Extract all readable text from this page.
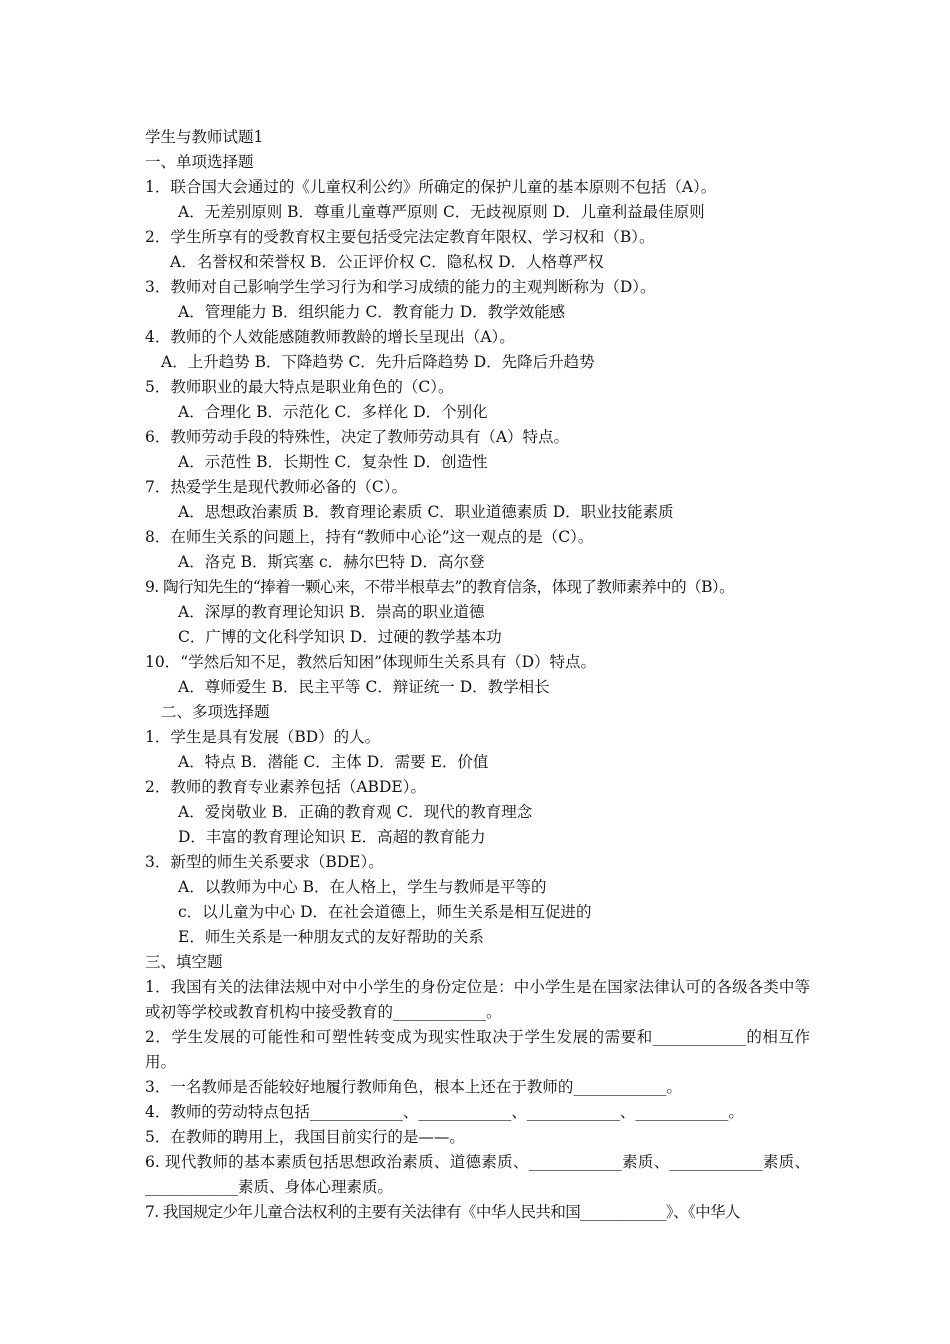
学生与教师试题1
一、单项选择题
1．联合国大会通过的《儿童权利公约》所确定的保护儿童的基本原则不包括（A）。
A．无差别原则 B．尊重儿童尊严原则 C．无歧视原则 D．儿童利益最佳原则
2．学生所享有的受教育权主要包括受完法定教育年限权、学习权和（B）。
A．名誉权和荣誉权 B．公正评价权 C．隐私权 D．人格尊严权
3．教师对自己影响学生学习行为和学习成绩的能力的主观判断称为（D）。
A．管理能力 B．组织能力 C．教育能力 D．教学效能感
4．教师的个人效能感随教师教龄的增长呈现出（A）。
A．上升趋势 B．下降趋势 C．先升后降趋势 D．先降后升趋势
5．教师职业的最大特点是职业角色的（C）。
A．合理化 B．示范化 C．多样化 D．个别化
6．教师劳动手段的特殊性，决定了教师劳动具有（A）特点。
A．示范性 B．长期性 C．复杂性 D．创造性
7．热爱学生是现代教师必备的（C）。
A．思想政治素质 B．教育理论素质 C．职业道德素质 D．职业技能素质
8．在师生关系的问题上，持有“教师中心论”这一观点的是（C）。
A．洛克 B．斯宾塞 c．赫尔巴特 D．高尔登
9. 陶行知先生的“捧着一颗心来，不带半根草去”的教育信条，体现了教师素养中的（B）。
A．深厚的教育理论知识 B．崇高的职业道德
C．广博的文化科学知识 D．过硬的教学基本功
10．“学然后知不足，教然后知困”体现师生关系具有（D）特点。
A．尊师爱生 B．民主平等 C．辩证统一 D．教学相长
二、多项选择题
1．学生是具有发展（BD）的人。
A．特点 B．潜能 C．主体 D．需要 E．价值
2．教师的教育专业素养包括（ABDE）。
A．爱岗敬业 B．正确的教育观 C．现代的教育理念
D．丰富的教育理论知识 E．高超的教育能力
3．新型的师生关系要求（BDE）。
A．以教师为中心 B．在人格上，学生与教师是平等的
c．以儿童为中心 D．在社会道德上，师生关系是相互促进的
E．师生关系是一种朋友式的友好帮助的关系
三、填空题
1．我国有关的法律法规中对中小学生的身份定位是：中小学生是在国家法律认可的各级各类中等或初等学校或教育机构中接受教育的____________。
2．学生发展的可能性和可塑性转变成为现实性取决于学生发展的需要和____________的相互作用。
3．一名教师是否能较好地履行教师角色，根本上还在于教师的____________。
4．教师的劳动特点包括____________、____________、____________、____________。
5．在教师的聘用上，我国目前实行的是——。
6. 现代教师的基本素质包括思想政治素质、道德素质、____________素质、____________素质、____________素质、身体心理素质。
7. 我国规定少年儿童合法权利的主要有关法律有《中华人民共和国____________》、《中华人
